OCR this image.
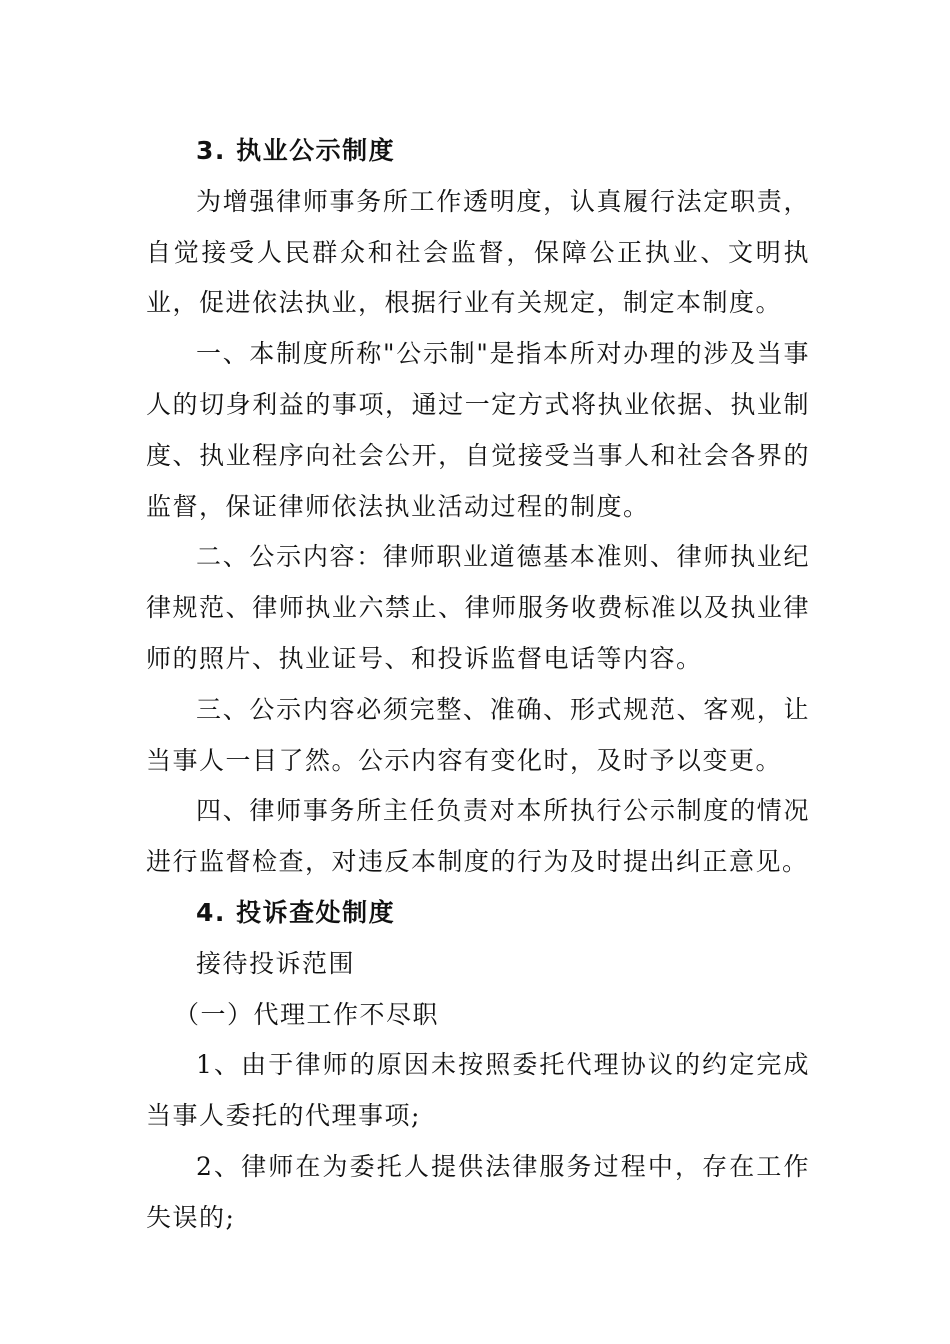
3. 执业公示制度

为增强律师事务所工作透明度，认真履行法定职责，自觉接受人民群众和社会监督，保障公正执业、文明执业，促进依法执业，根据行业有关规定，制定本制度。

一、本制度所称"公示制"是指本所对办理的涉及当事人的切身利益的事项，通过一定方式将执业依据、执业制度、执业程序向社会公开，自觉接受当事人和社会各界的监督，保证律师依法执业活动过程的制度。

二、公示内容：律师职业道德基本准则、律师执业纪律规范、律师执业六禁止、律师服务收费标准以及执业律师的照片、执业证号、和投诉监督电话等内容。

三、公示内容必须完整、准确、形式规范、客观，让当事人一目了然。公示内容有变化时，及时予以变更。

四、律师事务所主任负责对本所执行公示制度的情况进行监督检查，对违反本制度的行为及时提出纠正意见。

4. 投诉查处制度

接待投诉范围

（一）代理工作不尽职

1、由于律师的原因未按照委托代理协议的约定完成当事人委托的代理事项;

2、律师在为委托人提供法律服务过程中，存在工作失误的;
